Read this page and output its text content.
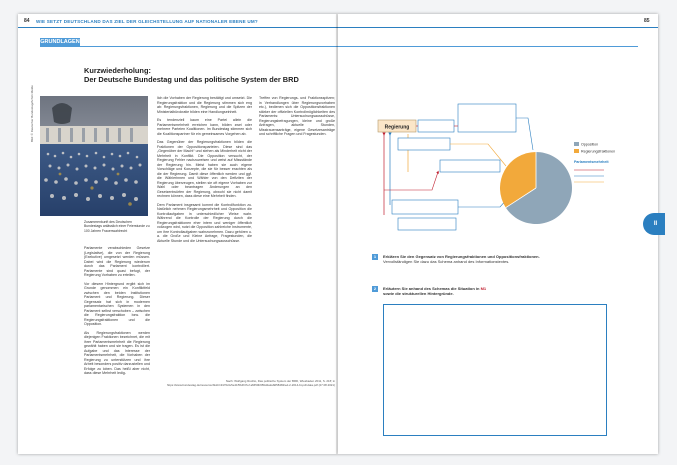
84 WIE SETZT DEUTSCHLAND DAS ZIEL DER GLEICHSTELLUNG AUF NATIONALER EBENE UM?
GRUNDLAGEN
Kurzwiederholung:
Der Deutsche Bundestag und das politische System der BRD
Bild: © Deutscher Bundestag/Achim Melde
Zusammenkunft des Deutschen Bundestags anlässlich einer Feierstunde zu 100 Jahren Frauenwahlrecht

Parlamente verabschieden Gesetze (Legislative), die von der Regierung (Exekutive) umgesetzt werden müssen. Dabei wird die Regierung wiederum durch das Parlament kontrolliert. Parlamente sind quasi befugt, der Regierung Vorhaben zu erteilen.

Vor diesem Hintergrund ergibt sich im Grunde genommen ein Konfliktfeld zwischen den beiden Institutionen Parlament und Regierung. Dieser Gegensatz hat sich in modernen parlamentarischen Systemen in den Parlament selbst verschoben – zwischen die Regierungsfraktion bzw. die Regierungsfraktionen und die Opposition.

Als Regierungsfraktionen werden diejenigen Fraktionen bezeichnet, die mit ihrer Parlamentsmehrheit die Regierung gewählt haben und sie tragen. Es ist die Aufgabe und das Interesse der Parlamentsmehrheit, die Vorhaben der Regierung zu unterstützen und ihre Arbeit besonders positiv darzustellen und Erfolge zu loben. Das heißt aber nicht, dass diese Mehrheit ledig-

lich die Vorhaben der Regierung bestätigt und umsetzt. Die Regierungsfraktion und die Regierung stimmen sich eng ab: Regierungsfraktionen, Regierung und die Spitzen der Ministerialbürokratie bilden eine Handlungseinheit.

Es tendenziell kaum eine Partei allein die Parlamentsmehrheit erreichen kann, bilden zwei oder mehrere Parteien Koalitionen. Im Bundestag stimmen sich die Koalitionspartner für ein gemeinsames Vorgehen ab.

Das Gegenüber der Regierungsfraktionen bilden die Fraktionen der Oppositionsparteien. Diese sind das „Gegenüber der Macht“ und stehen als Minderheit nicht der Mehrheit in Konflikt. Die Opposition versucht, der Regierung Fehler nachzuweisen und weist auf Missstände der Regierung hin. Meist haben sie auch eigene Vorschläge und Konzepte, die sie für besser erachten als die der Regierung. Damit diese öffentlich werden und ggf. die Wählerinnen und Wähler von den Defiziten der Regierung überzeugen, stellen sie oft eigene Vorhaben zur Wahl oder beantragen Änderungen an den Gesetzentwürfen der Regierung, obwohl sie nicht damit rechnen können, dass diese eine Mehrheit finden.

Dem Parlament insgesamt kommt die Kontrollfunktion zu. Natürlich nehmen Regierungsmehrheit und Opposition die Kontrollaufgaben in unterschiedlicher Weise wahr. Während die Kontrolle der Regierung durch die Regierungsfraktionen eher intern und weniger öffentlich vollzogen wird, nutzt die Opposition zahlreiche Instrumente, um ihre Kontrollaufgaben wahrzunehmen. Dazu gehören u. a. die Große und Kleine Anfrage, Fragestunden, die Aktuelle Stunde und die Untersuchungsausschüsse.

Treffen von Regierungs- und Fraktionsspitzen; in Verhandlungen über Regierungsvorhaben etc.), bedienen sich die Oppositionsfraktionen stärker der offiziellen Kontrollmöglichkeiten des Parlaments: Untersuchungsausschüsse, Regierungsbefragungen, kleine und große Anfragen, aktuelle Stunden, Misstrauensanträge, eigene Gesetzesanträge und schriftliche Fragen und Fragestunden.

Nach: Wolfgang Rudzio, Das politische System der BRD, Wiesbaden 2011, S. 21ff; in https://www.bundestag.de/resource/blob/191702/e5e41f5b4f47ef a6650b959d4a2e8d58482/ed-2-2014-bl-pdf-data.pdf (27.08.2021)
85
Regierung
Opposition
Regierungsfraktionen
Parlamentsmehrheit
1	Erklären Sie den Gegensatz von Regierungsfraktionen und Oppositionsfraktionen.
Vervollständigen Sie dazu das Schema anhand des Informationstextes.
2	Erläutern Sie anhand des Schemas die Situation in M1
sowie die strukturellen Hintergründe.
II
